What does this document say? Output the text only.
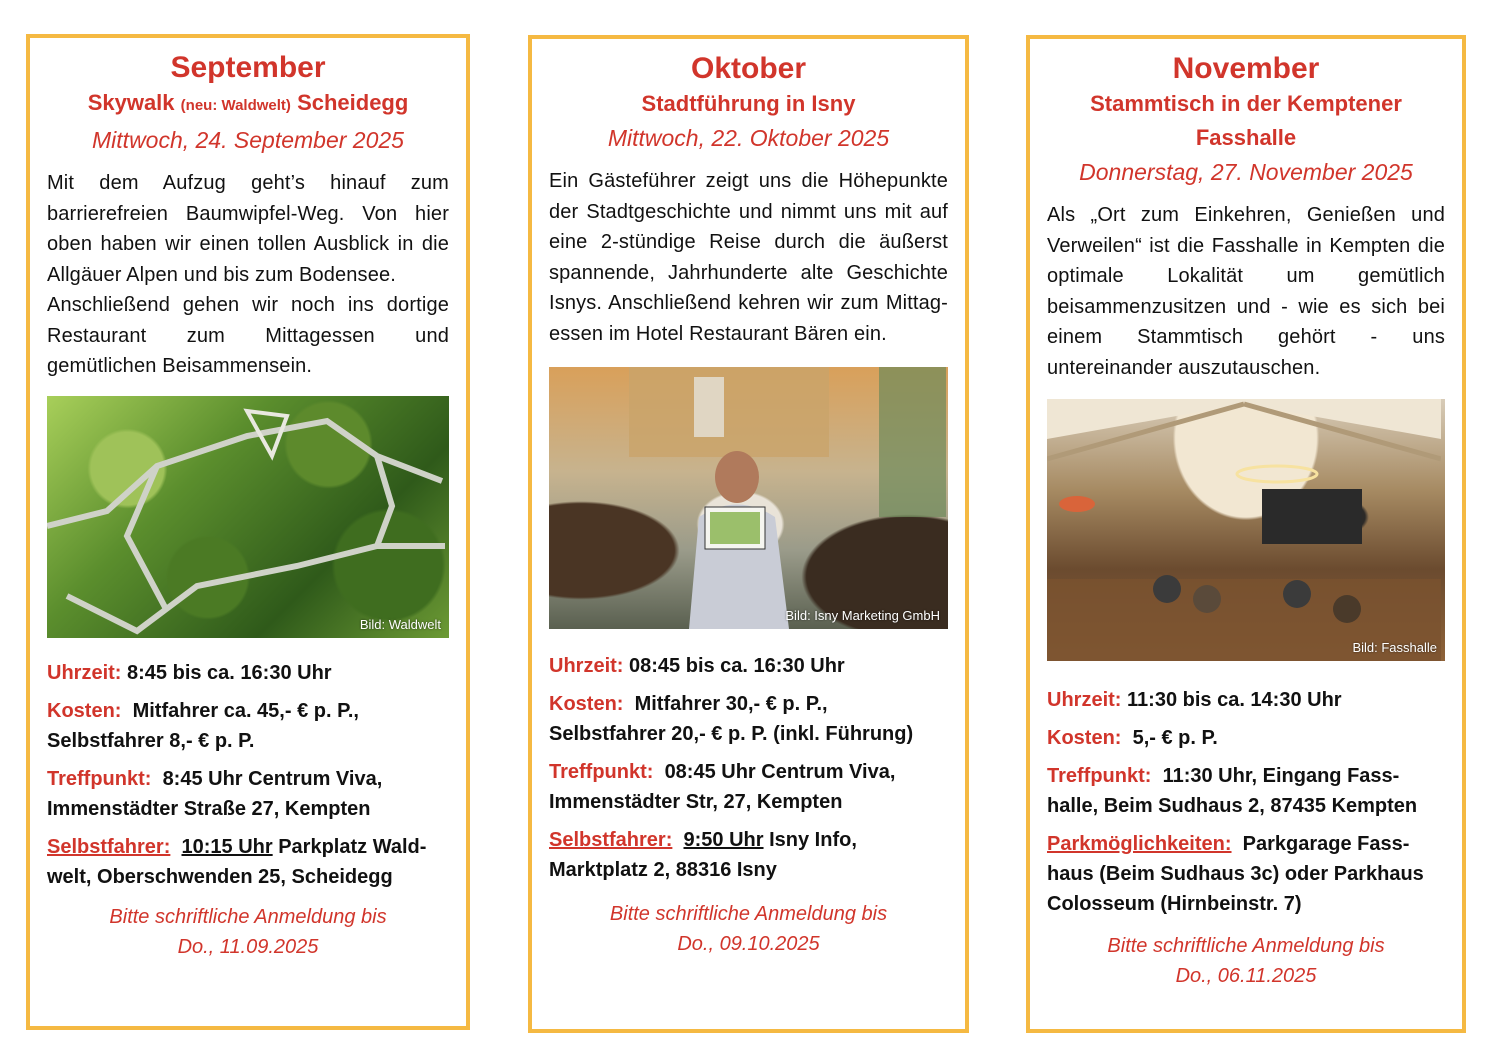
September
Skywalk (neu: Waldwelt) Scheidegg
Mittwoch, 24. September 2025
Mit dem Aufzug geht’s hinauf zum barrierefreien Baumwipfel-Weg. Von hier oben haben wir einen tollen Ausblick in die Allgäuer Alpen und bis zum Bodensee.
Anschließend gehen wir noch ins dortige Restaurant zum Mittagessen und gemütlichen Beisammensein.
Bild: Waldwelt
Uhrzeit: 8:45 bis ca. 16:30 Uhr
Kosten: Mitfahrer ca. 45,- € p. P.,
Selbstfahrer 8,- € p. P.
Treffpunkt: 8:45 Uhr Centrum Viva,
Immenstädter Straße 27, Kempten
Selbstfahrer: 10:15 Uhr Parkplatz Wald-
welt, Oberschwenden 25, Scheidegg
Bitte schriftliche Anmeldung bis
Do., 11.09.2025
Oktober
Stadtführung in Isny
Mittwoch, 22. Oktober 2025
Ein Gästeführer zeigt uns die Höhepunkte der Stadtgeschichte und nimmt uns mit auf eine 2-stündige Reise durch die äußerst spannende, Jahrhunderte alte Geschichte Isnys. Anschließend kehren wir zum Mittag-essen im Hotel Restaurant Bären ein.
Bild: Isny Marketing GmbH
Uhrzeit: 08:45 bis ca. 16:30 Uhr
Kosten: Mitfahrer 30,- € p. P.,
Selbstfahrer 20,- € p. P. (inkl. Führung)
Treffpunkt: 08:45 Uhr Centrum Viva,
Immenstädter Str, 27, Kempten
Selbstfahrer: 9:50 Uhr Isny Info,
Marktplatz 2, 88316 Isny
Bitte schriftliche Anmeldung bis
Do., 09.10.2025
November
Stammtisch in der Kemptener
Fasshalle
Donnerstag, 27. November 2025
Als „Ort zum Einkehren, Genießen und Verweilen“ ist die Fasshalle in Kempten die optimale Lokalität um gemütlich beisammenzusitzen und - wie es sich bei einem Stammtisch gehört - uns untereinander auszutauschen.
Bild: Fasshalle
Uhrzeit: 11:30 bis ca. 14:30 Uhr
Kosten: 5,- € p. P.
Treffpunkt: 11:30 Uhr, Eingang Fass-
halle, Beim Sudhaus 2, 87435 Kempten
Parkmöglichkeiten: Parkgarage Fass-
haus (Beim Sudhaus 3c) oder Parkhaus
Colosseum (Hirnbeinstr. 7)
Bitte schriftliche Anmeldung bis
Do., 06.11.2025
